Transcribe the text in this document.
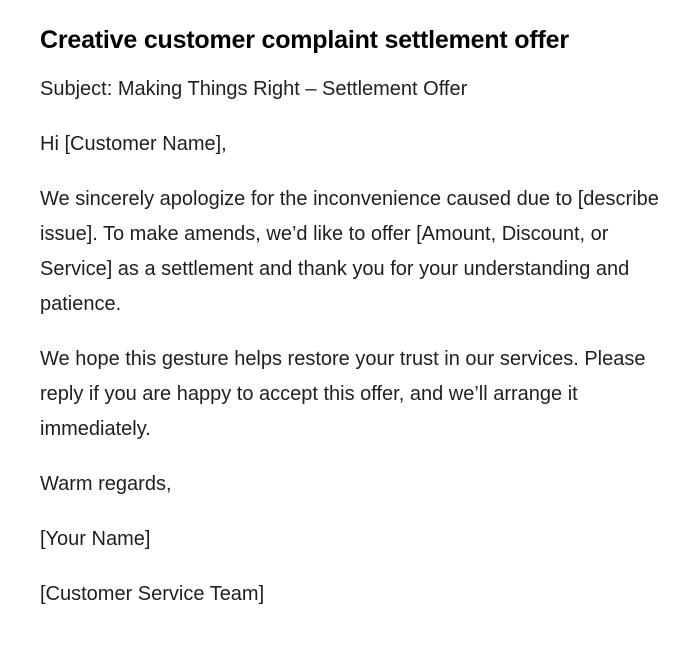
Creative customer complaint settlement offer

Subject: Making Things Right – Settlement Offer

Hi [Customer Name],

We sincerely apologize for the inconvenience caused due to [describe issue]. To make amends, we’d like to offer [Amount, Discount, or Service] as a settlement and thank you for your understanding and patience.

We hope this gesture helps restore your trust in our services. Please reply if you are happy to accept this offer, and we’ll arrange it immediately.

Warm regards,

[Your Name]

[Customer Service Team]
